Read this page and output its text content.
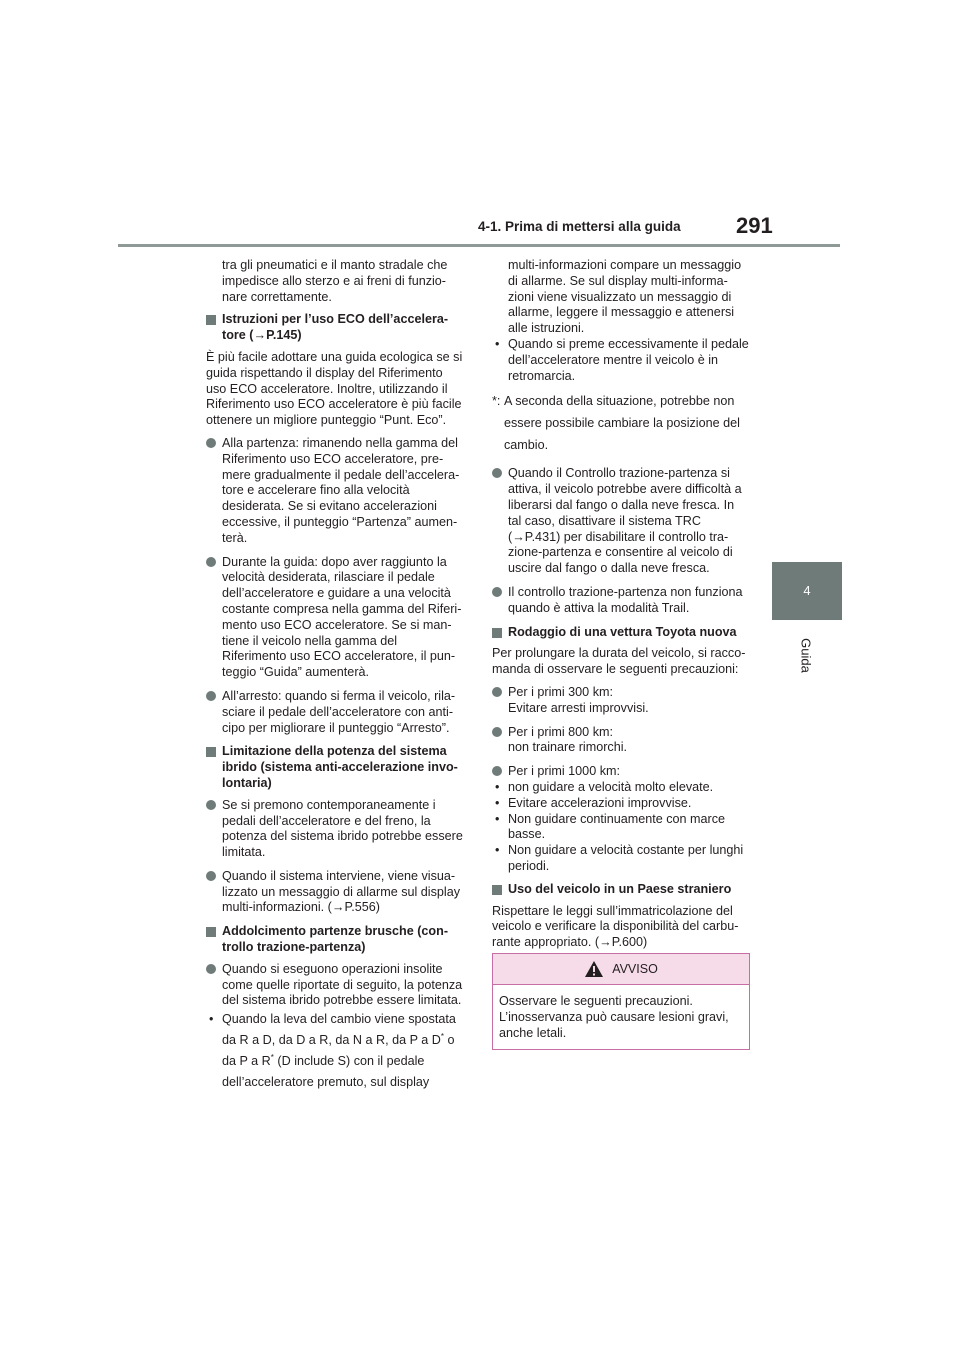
4-1. Prima di mettersi alla guida	291
4
Guida

tra gli pneumatici e il manto stradale che impedisce allo sterzo e ai freni di funzio-nare correttamente.

Istruzioni per l’uso ECO dell’accelera-tore (→P.145)

È più facile adottare una guida ecologica se si guida rispettando il display del Riferimento uso ECO acceleratore. Inoltre, utilizzando il Riferimento uso ECO acceleratore è più facile ottenere un migliore punteggio “Punt. Eco”.

Alla partenza: rimanendo nella gamma del Riferimento uso ECO acceleratore, pre-mere gradualmente il pedale dell’accelera-tore e accelerare fino alla velocità desiderata. Se si evitano accelerazioni eccessive, il punteggio “Partenza” aumen-terà.
Durante la guida: dopo aver raggiunto la velocità desiderata, rilasciare il pedale dell’acceleratore e guidare a una velocità costante compresa nella gamma del Riferi-mento uso ECO acceleratore. Se si man-tiene il veicolo nella gamma del Riferimento uso ECO acceleratore, il pun-teggio “Guida” aumenterà.
All’arresto: quando si ferma il veicolo, rila-sciare il pedale dell’acceleratore con anti-cipo per migliorare il punteggio “Arresto”.
Limitazione della potenza del sistema ibrido (sistema anti-accelerazione invo-lontaria)
Se si premono contemporaneamente i pedali dell’acceleratore e del freno, la potenza del sistema ibrido potrebbe essere limitata.
Quando il sistema interviene, viene visua-lizzato un messaggio di allarme sul display multi-informazioni. (→P.556)
Addolcimento partenze brusche (con-trollo trazione-partenza)
Quando si eseguono operazioni insolite come quelle riportate di seguito, la potenza del sistema ibrido potrebbe essere limitata.
• Quando la leva del cambio viene spostata da R a D, da D a R, da N a R, da P a D* o da P a R* (D include S) con il pedale dell’acceleratore premuto, sul display

multi-informazioni compare un messaggio di allarme. Se sul display multi-informa-zioni viene visualizzato un messaggio di allarme, leggere il messaggio e attenersi alle istruzioni.

• Quando si preme eccessivamente il pedale dell’acceleratore mentre il veicolo è in retromarcia.
*: A seconda della situazione, potrebbe non essere possibile cambiare la posizione del cambio.
Quando il Controllo trazione-partenza si attiva, il veicolo potrebbe avere difficoltà a liberarsi dal fango o dalla neve fresca. In tal caso, disattivare il sistema TRC (→P.431) per disabilitare il controllo tra-zione-partenza e consentire al veicolo di uscire dal fango o dalla neve fresca.
Il controllo trazione-partenza non funziona quando è attiva la modalità Trail.
Rodaggio di una vettura Toyota nuova

Per prolungare la durata del veicolo, si racco-manda di osservare le seguenti precauzioni:

Per i primi 300 km:
Evitare arresti improvvisi.
Per i primi 800 km:
non trainare rimorchi.
Per i primi 1000 km:
• non guidare a velocità molto elevate.
• Evitare accelerazioni improvvise.
• Non guidare continuamente con marce basse.
• Non guidare a velocità costante per lunghi periodi.
Uso del veicolo in un Paese straniero

Rispettare le leggi sull’immatricolazione del veicolo e verificare la disponibilità del carbu-rante appropriato. (→P.600)

AVVISO
Osservare le seguenti precauzioni. L’inosservanza può causare lesioni gravi, anche letali.
